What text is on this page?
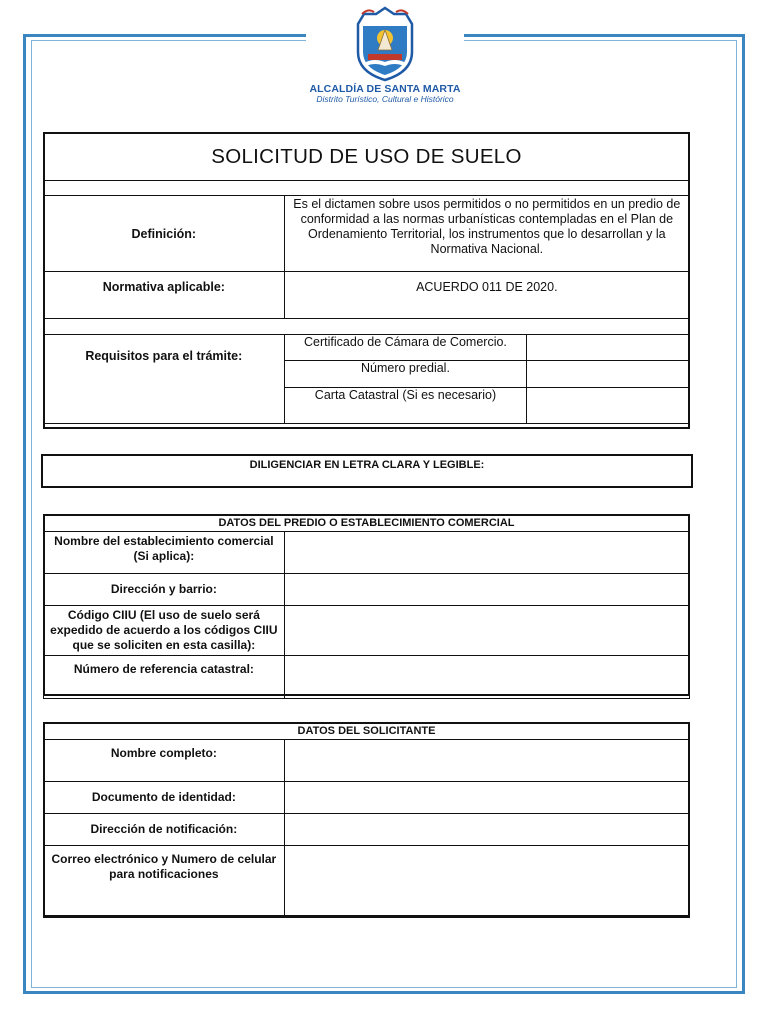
ALCALDÍA DE SANTA MARTA
Distrito Turístico, Cultural e Histórico
SOLICITUD DE USO DE SUELO		

Definición:	Es el dictamen sobre usos permitidos o no permitidos en un predio de conformidad a las normas urbanísticas contempladas en el Plan de Ordenamiento Territorial, los instrumentos que lo desarrollan y la Normativa Nacional.	
Normativa aplicable:	ACUERDO 011 DE 2020.	

Requisitos para el trámite:	Certificado de Cámara de Comercio.	
	Número predial.	
	Carta Catastral (Si es necesario)	
DILIGENCIAR EN LETRA CLARA Y LEGIBLE:
DATOS DEL PREDIO O ESTABLECIMIENTO COMERCIAL	
Nombre del establecimiento comercial (Si aplica):	
Dirección y barrio:	
Código CIIU (El uso de suelo será expedido de acuerdo a los códigos CIIU que se soliciten en esta casilla):	
Número de referencia catastral:	
DATOS DEL SOLICITANTE	
Nombre completo:	
Documento de identidad:	
Dirección de notificación:	
Correo electrónico y Numero de celular para notificaciones	
